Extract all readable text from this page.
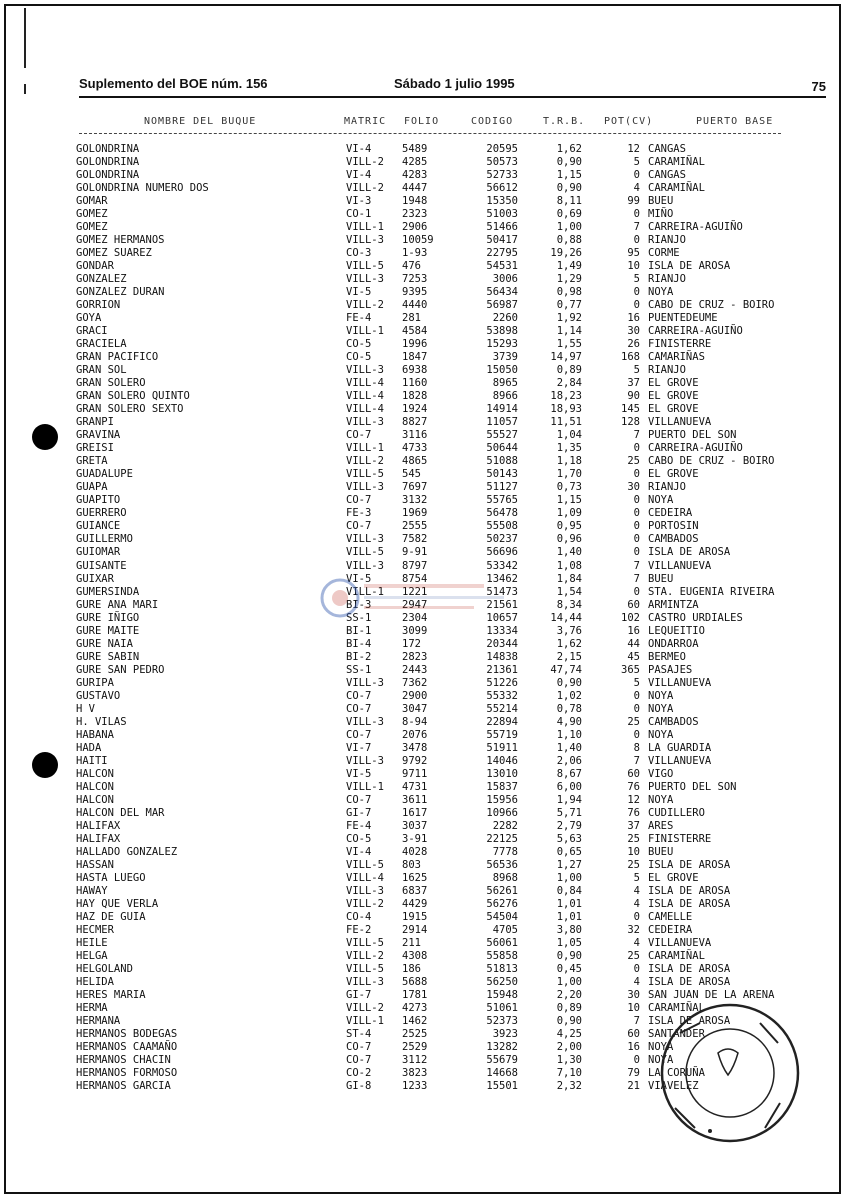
Suplemento del BOE núm. 156	Sábado 1 julio 1995	75
NOMBRE DEL BUQUE	MATRIC FOLIO	CODIGO	T.R.B. POT(CV)	PUERTO BASE
GOLONDRINA	VI-4	5489	20595	1,62	12 CANGAS
GOLONDRINA	VILL-2 4285	50573	0,90	5 CARAMIÑAL
GOLONDRINA	VI-4	4283	52733	1,15	0 CANGAS
GOLONDRINA NUMERO DOS	VILL-2 4447	56612	0,90	4 CARAMIÑAL
GOMAR	VI-3	1948	15350	8,11	99 BUEU
GOMEZ	CO-1	2323	51003	0,69	0 MIÑO
GOMEZ	VILL-1 2906	51466	1,00	7 CARREIRA-AGUIÑO
GOMEZ HERMANOS	VILL-3 10059	50417	0,88	0 RIANJO
GOMEZ SUAREZ	CO-3	1-93	22795	19,26	95 CORME
GONDAR	VILL-5 476	54531	1,49	10 ISLA DE AROSA
GONZALEZ	VILL-3 7253	3006	1,29	5 RIANJO
GONZALEZ DURAN	VI-5	9395	56434	0,98	0 NOYA
GORRION	VILL-2 4440	56987	0,77	0 CABO DE CRUZ - BOIRO
GOYA	FE-4	281	2260	1,92	16 PUENTEDEUME
GRACI	VILL-1 4584	53898	1,14	30 CARREIRA-AGUIÑO
GRACIELA	CO-5	1996	15293	1,55	26 FINISTERRE
GRAN PACIFICO	CO-5	1847	3739	14,97	168 CAMARIÑAS
GRAN SOL	VILL-3 6938	15050	0,89	5 RIANJO
GRAN SOLERO	VILL-4 1160	8965	2,84	37 EL GROVE
GRAN SOLERO QUINTO	VILL-4 1828	8966	18,23	90 EL GROVE
GRAN SOLERO SEXTO	VILL-4 1924	14914	18,93	145 EL GROVE
GRANPI	VILL-3 8827	11057	11,51	128 VILLANUEVA
GRAVINA	CO-7	3116	55527	1,04	7 PUERTO DEL SON
GREISI	VILL-1 4733	50644	1,35	0 CARREIRA-AGUIÑO
GRETA	VILL-2 4865	51088	1,18	25 CABO DE CRUZ - BOIRO
GUADALUPE	VILL-5 545	50143	1,70	0 EL GROVE
GUAPA	VILL-3 7697	51127	0,73	30 RIANJO
GUAPITO	CO-7	3132	55765	1,15	0 NOYA
GUERRERO	FE-3	1969	56478	1,09	0 CEDEIRA
GUIANCE	CO-7	2555	55508	0,95	0 PORTOSIN
GUILLERMO	VILL-3 7582	50237	0,96	0 CAMBADOS
GUIOMAR	VILL-5 9-91	56696	1,40	0 ISLA DE AROSA
GUISANTE	VILL-3 8797	53342	1,08	7 VILLANUEVA
GUIXAR	VI-5	8754	13462	1,84	7 BUEU
GUMERSINDA	VILL-1 1221	51473	1,54	0 STA. EUGENIA RIVEIRA
GURE ANA MARI	BI-3	2947	21561	8,34	60 ARMINTZA
GURE IÑIGO	SS-1	2304	10657	14,44	102 CASTRO URDIALES
GURE MAITE	BI-1	3099	13334	3,76	16 LEQUEITIO
GURE NAIA	BI-4	172	20344	1,62	44 ONDARROA
GURE SABIN	BI-2	2823	14838	2,15	45 BERMEO
GURE SAN PEDRO	SS-1	2443	21361	47,74	365 PASAJES
GURIPA	VILL-3 7362	51226	0,90	5 VILLANUEVA
GUSTAVO	CO-7	2900	55332	1,02	0 NOYA
H V	CO-7	3047	55214	0,78	0 NOYA
H. VILAS	VILL-3 8-94	22894	4,90	25 CAMBADOS
HABANA	CO-7	2076	55719	1,10	0 NOYA
HADA	VI-7	3478	51911	1,40	8 LA GUARDIA
HAITI	VILL-3 9792	14046	2,06	7 VILLANUEVA
HALCON	VI-5	9711	13010	8,67	60 VIGO
HALCON	VILL-1 4731	15837	6,00	76 PUERTO DEL SON
HALCON	CO-7	3611	15956	1,94	12 NOYA
HALCON DEL MAR	GI-7	1617	10966	5,71	76 CUDILLERO
HALIFAX	FE-4	3037	2282	2,79	37 ARES
HALIFAX	CO-5	3-91	22125	5,63	25 FINISTERRE
HALLADO GONZALEZ	VI-4	4028	7778	0,65	10 BUEU
HASSAN	VILL-5 803	56536	1,27	25 ISLA DE AROSA
HASTA LUEGO	VILL-4 1625	8968	1,00	5 EL GROVE
HAWAY	VILL-3 6837	56261	0,84	4 ISLA DE AROSA
HAY QUE VERLA	VILL-2 4429	56276	1,01	4 ISLA DE AROSA
HAZ DE GUIA	CO-4	1915	54504	1,01	0 CAMELLE
HECMER	FE-2	2914	4705	3,80	32 CEDEIRA
HEILE	VILL-5 211	56061	1,05	4 VILLANUEVA
HELGA	VILL-2 4308	55858	0,90	25 CARAMIÑAL
HELGOLAND	VILL-5 186	51813	0,45	0 ISLA DE AROSA
HELIDA	VILL-3 5688	56250	1,00	4 ISLA DE AROSA
HERES MARIA	GI-7	1781	15948	2,20	30 SAN JUAN DE LA ARENA
HERMA	VILL-2 4273	51061	0,89	10 CARAMIÑAL
HERMANA	VILL-1 1462	52373	0,90	7 ISLA DE AROSA
HERMANOS BODEGAS	ST-4	2525	3923	4,25	60 SANTANDER
HERMANOS CAAMAÑO	CO-7	2529	13282	2,00	16 NOYA
HERMANOS CHACIN	CO-7	3112	55679	1,30	0 NOYA
HERMANOS FORMOSO	CO-2	3823	14668	7,10	79 LA CORUÑA
HERMANOS GARCIA	GI-8	1233	15501	2,32	21 VIAVELEZ
